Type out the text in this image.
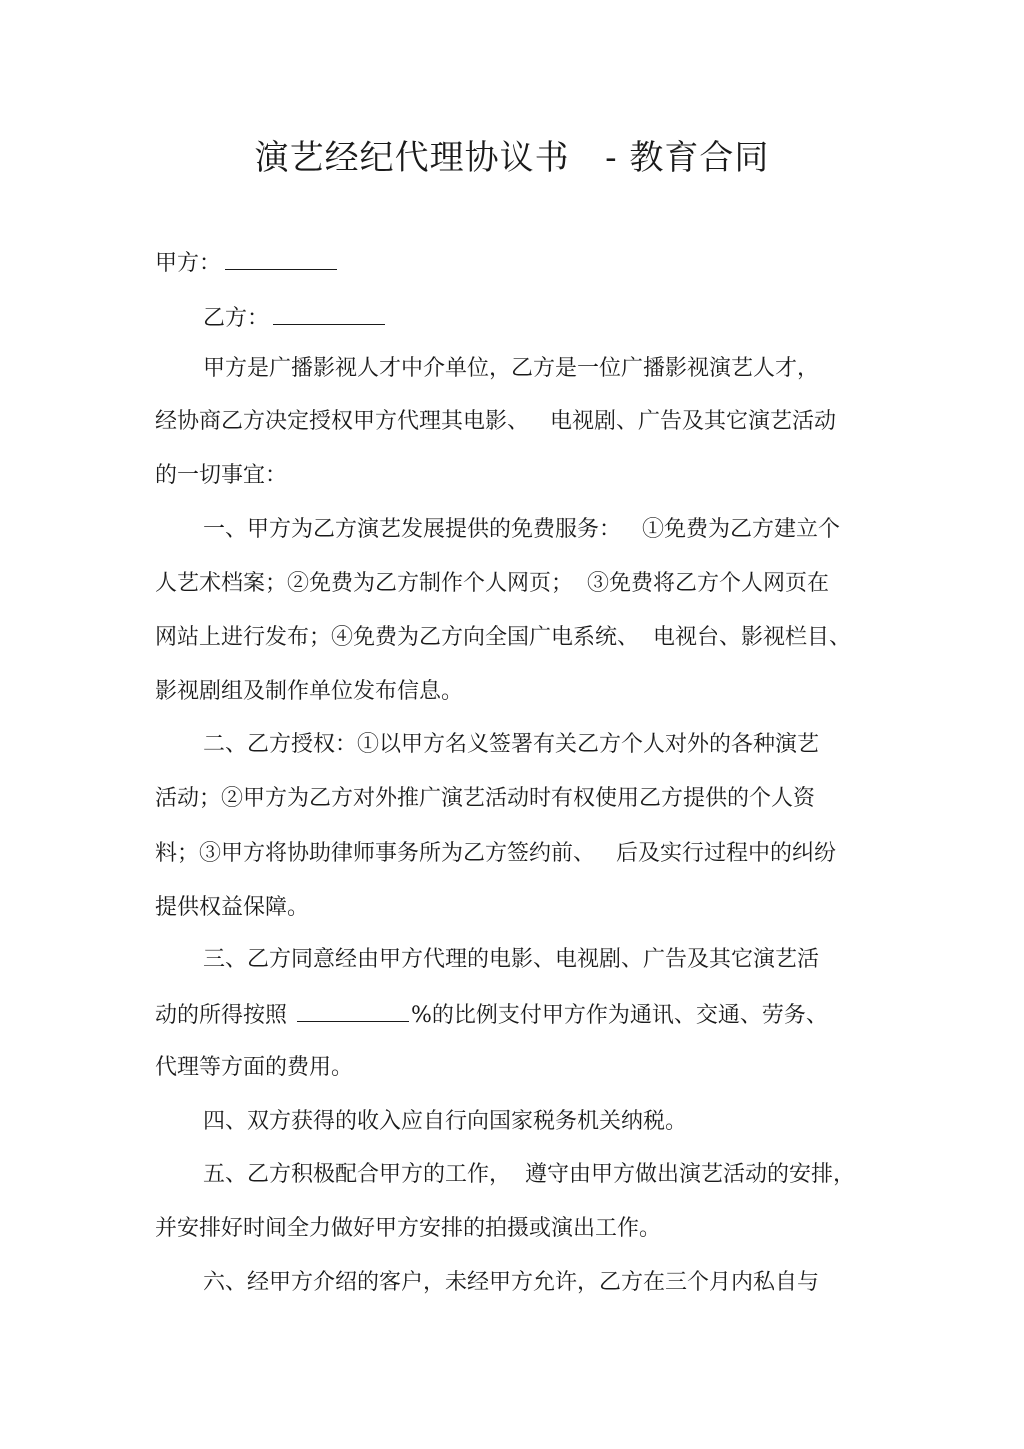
演艺经纪代理协议书   - 教育合同
甲方：
乙方：
甲方是广播影视人才中介单位，乙方是一位广播影视演艺人才，
经协商乙方决定授权甲方代理其电影、   电视剧、广告及其它演艺活动
的一切事宜：
一、甲方为乙方演艺发展提供的免费服务：   ①免费为乙方建立个
人艺术档案；②免费为乙方制作个人网页；  ③免费将乙方个人网页在
网站上进行发布；④免费为乙方向全国广电系统、  电视台、影视栏目、
影视剧组及制作单位发布信息。
二、乙方授权：①以甲方名义签署有关乙方个人对外的各种演艺
活动；②甲方为乙方对外推广演艺活动时有权使用乙方提供的个人资
料；③甲方将协助律师事务所为乙方签约前、   后及实行过程中的纠纷
提供权益保障。
三、乙方同意经由甲方代理的电影、电视剧、广告及其它演艺活
动的所得按照	%的比例支付甲方作为通讯、交通、劳务、
代理等方面的费用。
四、双方获得的收入应自行向国家税务机关纳税。
五、乙方积极配合甲方的工作，  遵守由甲方做出演艺活动的安排，
并安排好时间全力做好甲方安排的拍摄或演出工作。
六、经甲方介绍的客户，未经甲方允许，乙方在三个月内私自与
